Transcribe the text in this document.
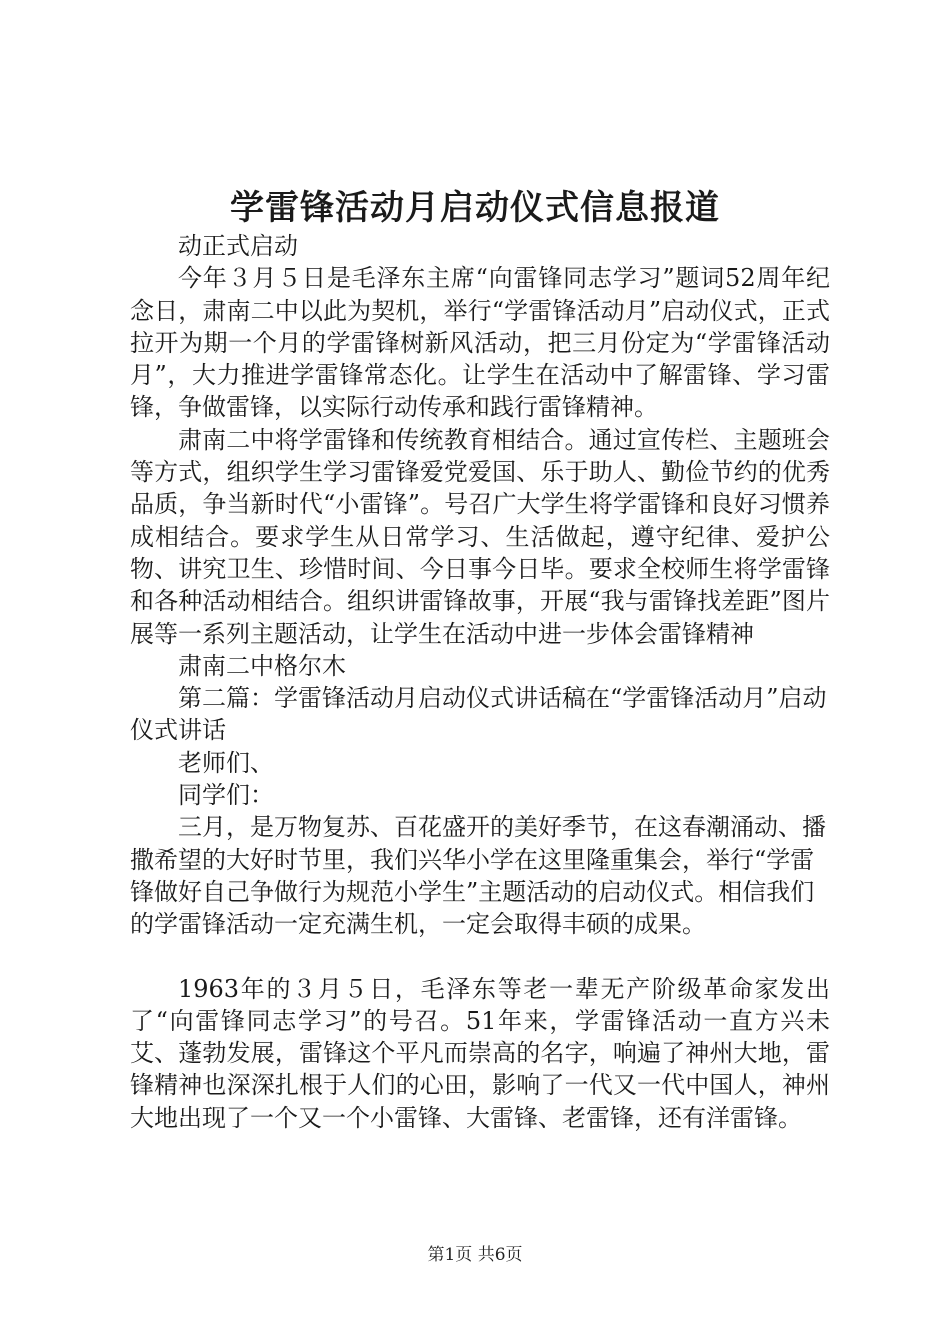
学雷锋活动月启动仪式信息报道

动正式启动

今年３月５日是毛泽东主席“向雷锋同志学习”题词52周年纪念日，肃南二中以此为契机，举行“学雷锋活动月”启动仪式，正式拉开为期一个月的学雷锋树新风活动，把三月份定为“学雷锋活动月”，大力推进学雷锋常态化。让学生在活动中了解雷锋、学习雷锋，争做雷锋，以实际行动传承和践行雷锋精神。

肃南二中将学雷锋和传统教育相结合。通过宣传栏、主题班会等方式，组织学生学习雷锋爱党爱国、乐于助人、勤俭节约的优秀品质，争当新时代“小雷锋”。号召广大学生将学雷锋和良好习惯养成相结合。要求学生从日常学习、生活做起，遵守纪律、爱护公物、讲究卫生、珍惜时间、今日事今日毕。要求全校师生将学雷锋和各种活动相结合。组织讲雷锋故事，开展“我与雷锋找差距”图片展等一系列主题活动，让学生在活动中进一步体会雷锋精神

肃南二中格尔木

第二篇：学雷锋活动月启动仪式讲话稿在“学雷锋活动月”启动仪式讲话

老师们、

同学们：

三月，是万物复苏、百花盛开的美好季节，在这春潮涌动、播撒希望的大好时节里，我们兴华小学在这里隆重集会，举行“学雷锋做好自己争做行为规范小学生”主题活动的启动仪式。相信我们的学雷锋活动一定充满生机，一定会取得丰硕的成果。

1963年的３月５日，毛泽东等老一辈无产阶级革命家发出了“向雷锋同志学习”的号召。51年来，学雷锋活动一直方兴未艾、蓬勃发展，雷锋这个平凡而崇高的名字，响遍了神州大地，雷锋精神也深深扎根于人们的心田，影响了一代又一代中国人，神州大地出现了一个又一个小雷锋、大雷锋、老雷锋，还有洋雷锋。

第1页 共6页
